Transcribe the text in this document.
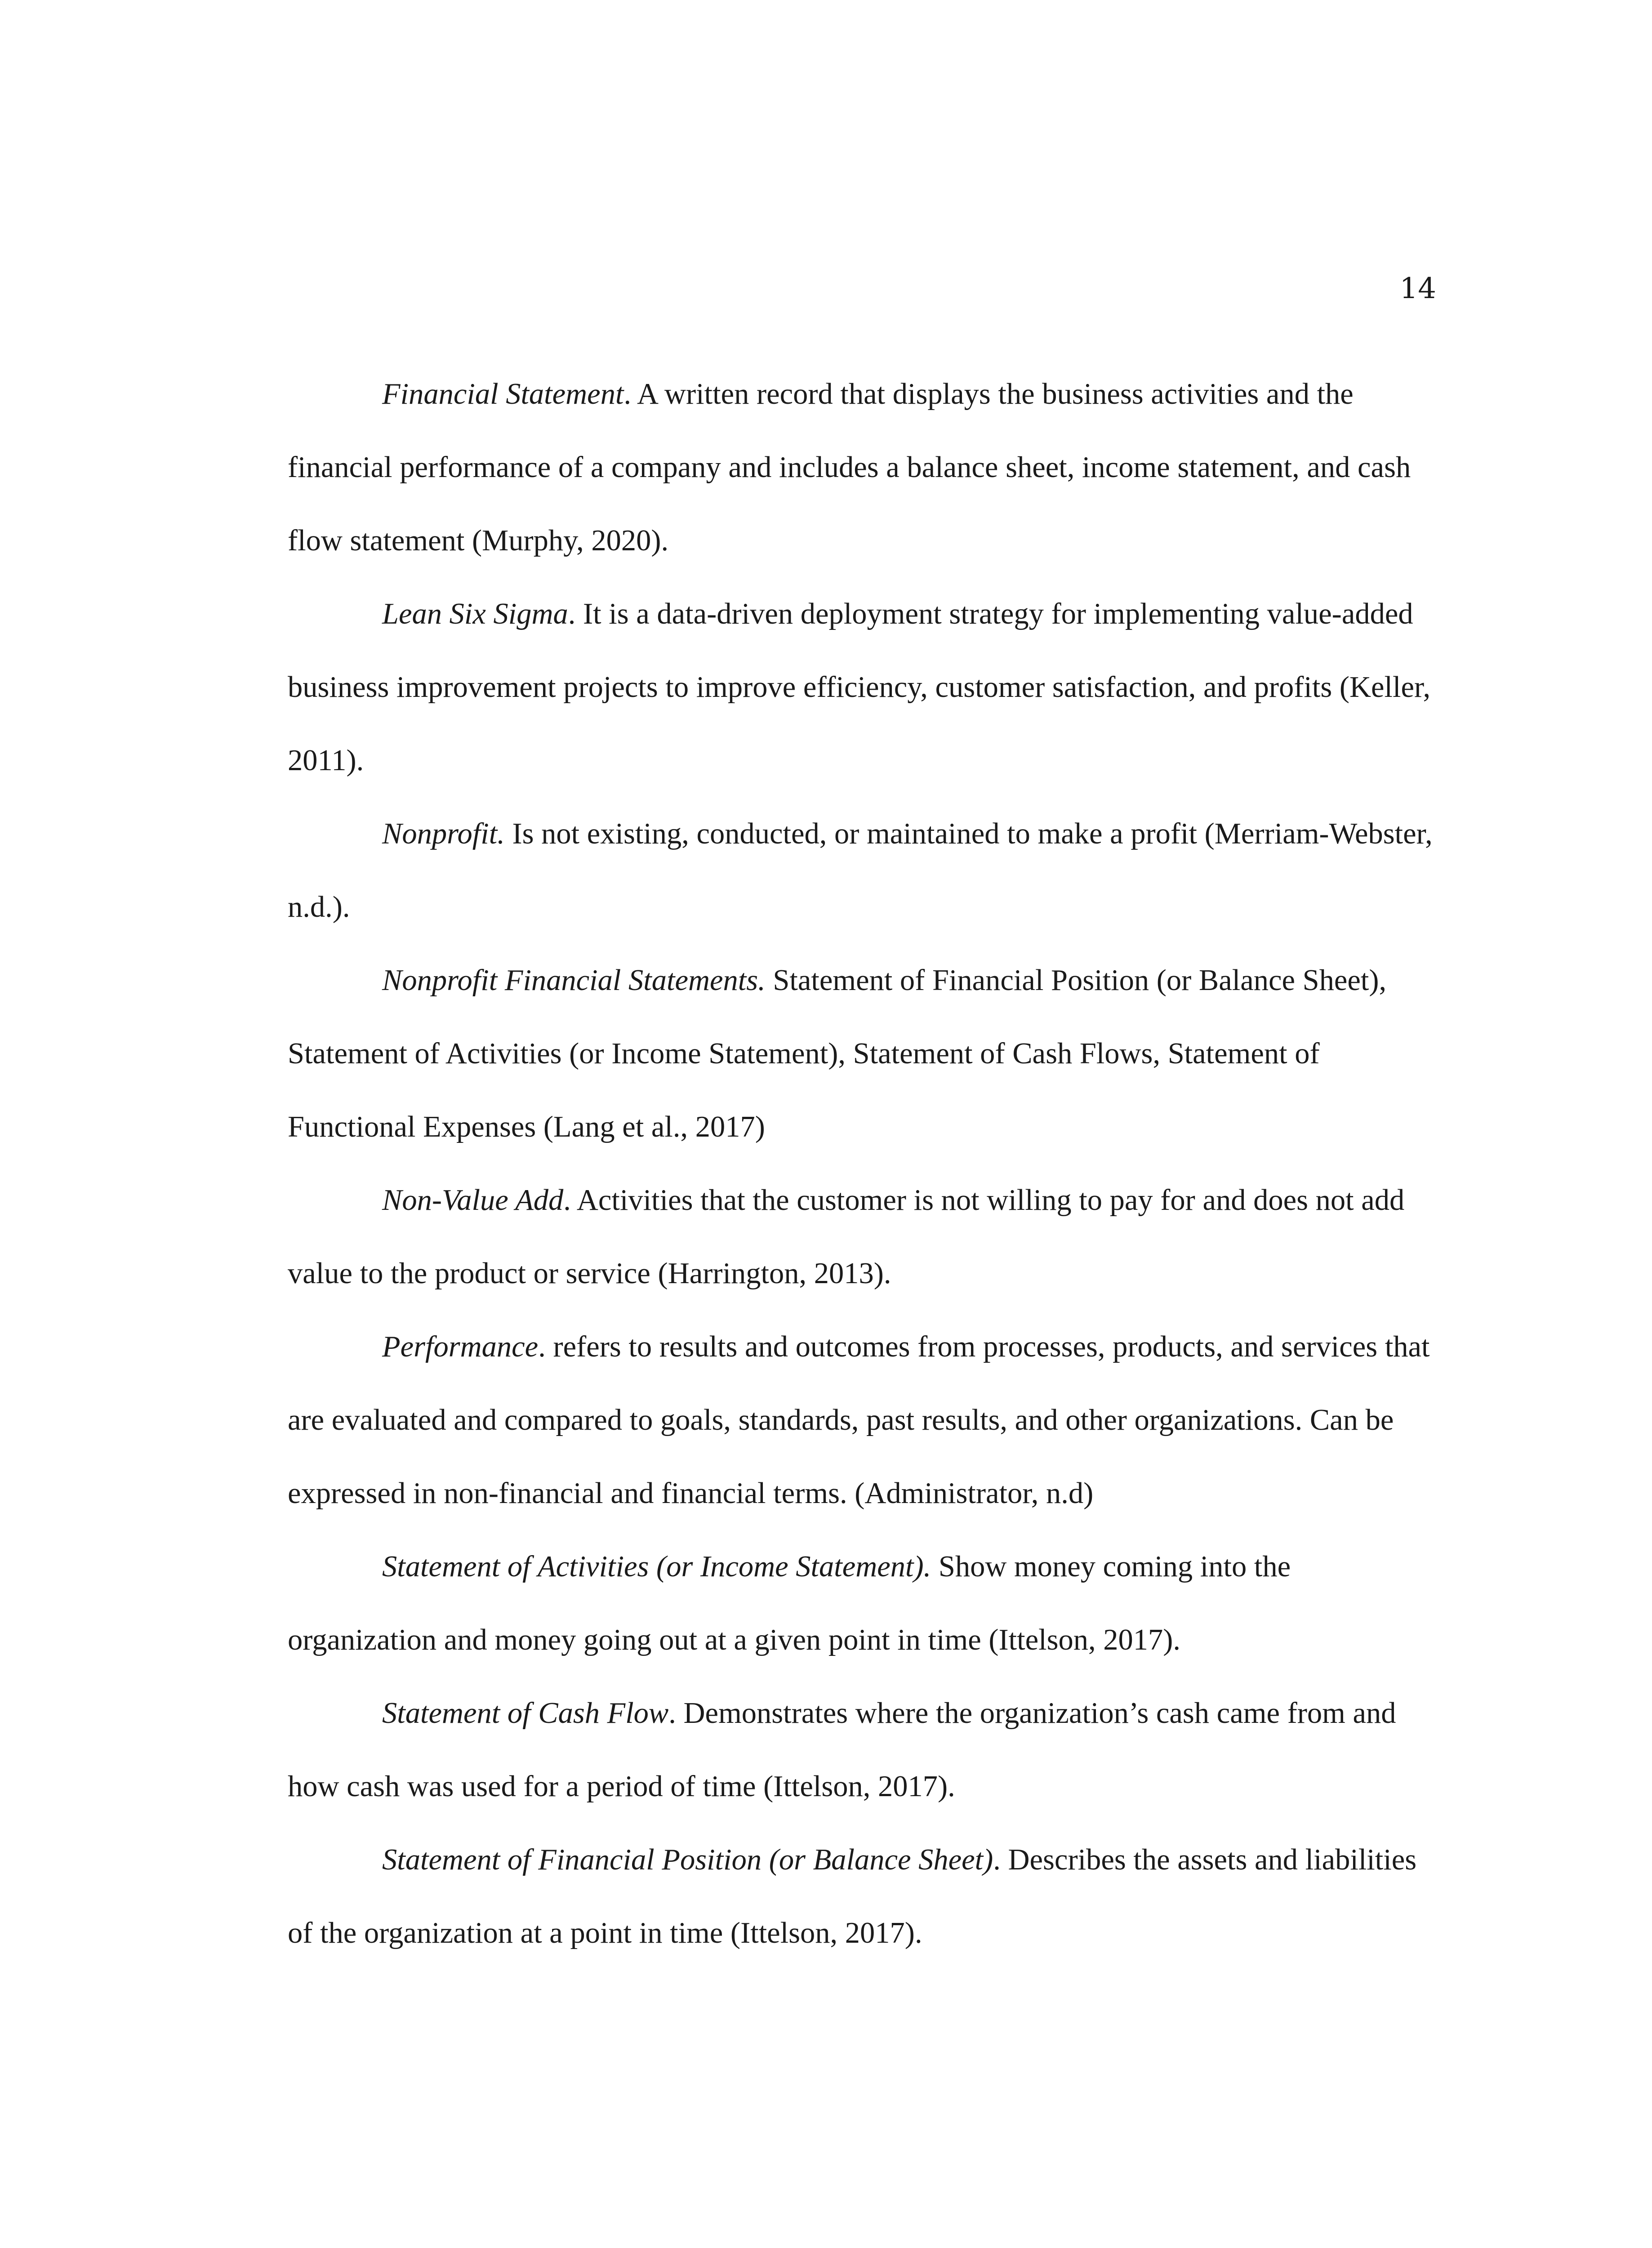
14

Financial Statement. A written record that displays the business activities and the financial performance of a company and includes a balance sheet, income statement, and cash flow statement (Murphy, 2020).

Lean Six Sigma. It is a data-driven deployment strategy for implementing value-added business improvement projects to improve efficiency, customer satisfaction, and profits (Keller, 2011).

Nonprofit. Is not existing, conducted, or maintained to make a profit (Merriam-Webster, n.d.).

Nonprofit Financial Statements. Statement of Financial Position (or Balance Sheet), Statement of Activities (or Income Statement), Statement of Cash Flows, Statement of Functional Expenses (Lang et al., 2017)

Non-Value Add. Activities that the customer is not willing to pay for and does not add value to the product or service (Harrington, 2013).

Performance. refers to results and outcomes from processes, products, and services that are evaluated and compared to goals, standards, past results, and other organizations. Can be expressed in non-financial and financial terms. (Administrator, n.d)

Statement of Activities (or Income Statement). Show money coming into the organization and money going out at a given point in time (Ittelson, 2017).

Statement of Cash Flow. Demonstrates where the organization’s cash came from and how cash was used for a period of time (Ittelson, 2017).

Statement of Financial Position (or Balance Sheet). Describes the assets and liabilities of the organization at a point in time (Ittelson, 2017).
